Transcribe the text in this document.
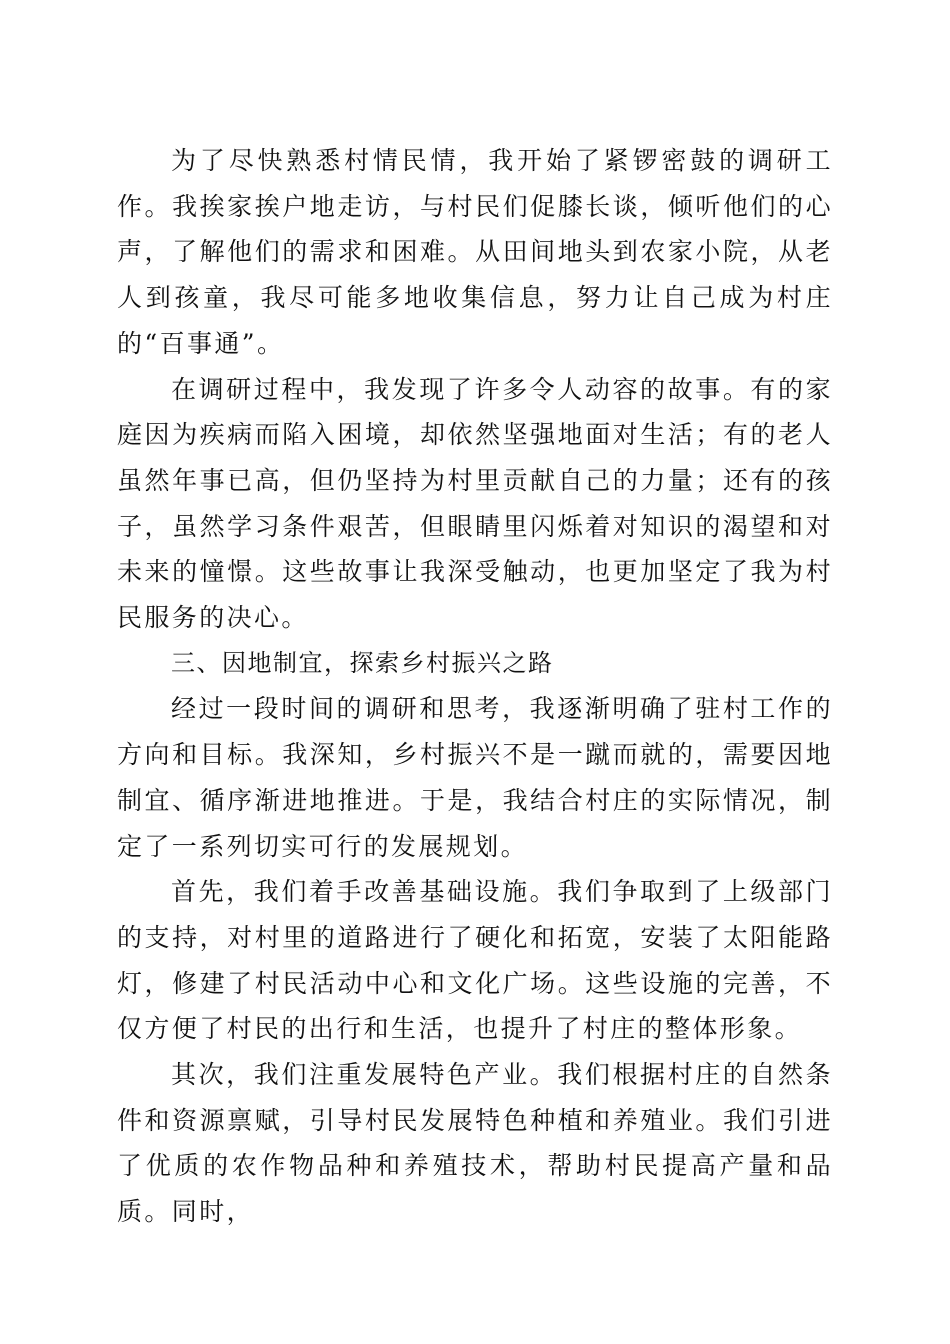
为了尽快熟悉村情民情，我开始了紧锣密鼓的调研工作。我挨家挨户地走访，与村民们促膝长谈，倾听他们的心声，了解他们的需求和困难。从田间地头到农家小院，从老人到孩童，我尽可能多地收集信息，努力让自己成为村庄的“百事通”。

在调研过程中，我发现了许多令人动容的故事。有的家庭因为疾病而陷入困境，却依然坚强地面对生活；有的老人虽然年事已高，但仍坚持为村里贡献自己的力量；还有的孩子，虽然学习条件艰苦，但眼睛里闪烁着对知识的渴望和对未来的憧憬。这些故事让我深受触动，也更加坚定了我为村民服务的决心。

三、因地制宜，探索乡村振兴之路

经过一段时间的调研和思考，我逐渐明确了驻村工作的方向和目标。我深知，乡村振兴不是一蹴而就的，需要因地制宜、循序渐进地推进。于是，我结合村庄的实际情况，制定了一系列切实可行的发展规划。

首先，我们着手改善基础设施。我们争取到了上级部门的支持，对村里的道路进行了硬化和拓宽，安装了太阳能路灯，修建了村民活动中心和文化广场。这些设施的完善，不仅方便了村民的出行和生活，也提升了村庄的整体形象。

其次，我们注重发展特色产业。我们根据村庄的自然条件和资源禀赋，引导村民发展特色种植和养殖业。我们引进了优质的农作物品种和养殖技术，帮助村民提高产量和品质。同时，
